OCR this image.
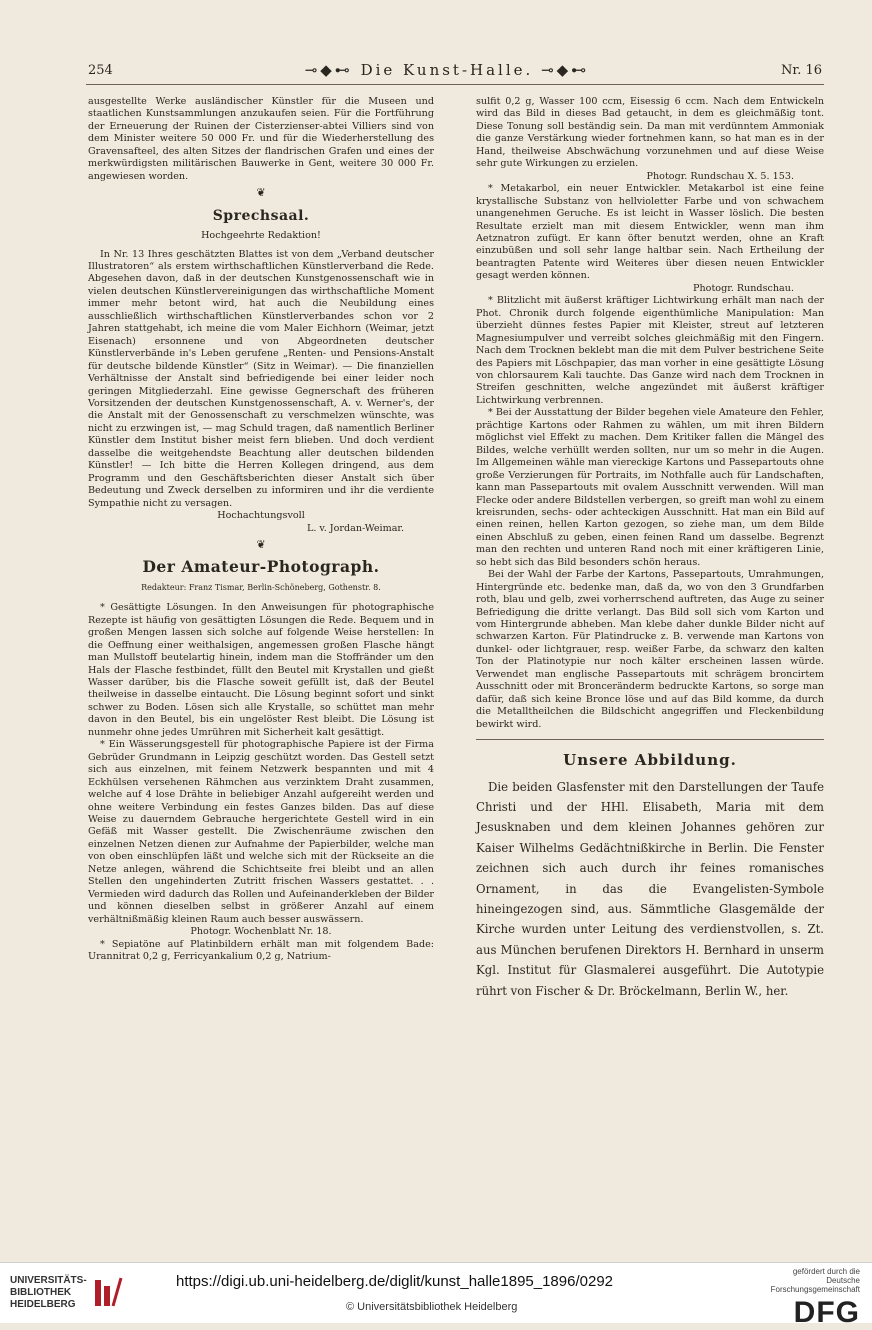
254	⊸◆⊷ Die Kunst-Halle. ⊸◆⊷	Nr. 16

ausgestellte Werke ausländischer Künstler für die Museen und staatlichen Kunstsammlungen anzukaufen seien. Für die Fortführung der Erneuerung der Ruinen der Cisterzienser-abtei Villiers sind von dem Minister weitere 50 000 Fr. und für die Wiederherstellung des Gravensafteel, des alten Sitzes der flandrischen Grafen und eines der merkwürdigsten militärischen Bauwerke in Gent, weitere 30 000 Fr. angewiesen worden.

❦
Sprechsaal.
Hochgeehrte Redaktion!

In Nr. 13 Ihres geschätzten Blattes ist von dem „Verband deutscher Illustratoren“ als erstem wirthschaftlichen Künstlerverband die Rede. Abgesehen davon, daß in der deutschen Kunstgenossenschaft wie in vielen deutschen Künstlervereinigungen das wirthschaftliche Moment immer mehr betont wird, hat auch die Neubildung eines ausschließlich wirthschaftlichen Künstlerverbandes schon vor 2 Jahren stattgehabt, ich meine die vom Maler Eichhorn (Weimar, jetzt Eisenach) ersonnene und von Abgeordneten deutscher Künstlerverbände in's Leben gerufene „Renten- und Pensions-Anstalt für deutsche bildende Künstler“ (Sitz in Weimar). — Die finanziellen Verhältnisse der Anstalt sind befriedigende bei einer leider noch geringen Mitgliederzahl. Eine gewisse Gegnerschaft des früheren Vorsitzenden der deutschen Kunstgenossenschaft, A. v. Werner's, der die Anstalt mit der Genossenschaft zu verschmelzen wünschte, was nicht zu erzwingen ist, — mag Schuld tragen, daß namentlich Berliner Künstler dem Institut bisher meist fern blieben. Und doch verdient dasselbe die weitgehendste Beachtung aller deutschen bildenden Künstler! — Ich bitte die Herren Kollegen dringend, aus dem Programm und den Geschäftsberichten dieser Anstalt sich über Bedeutung und Zweck derselben zu informiren und ihr die verdiente Sympathie nicht zu versagen.

Hochachtungsvoll
L. v. Jordan-Weimar.
❦
Der Amateur-Photograph.
Redakteur: Franz Tismar, Berlin-Schöneberg, Gothenstr. 8.

* Gesättigte Lösungen. In den Anweisungen für photographische Rezepte ist häufig von gesättigten Lösungen die Rede. Bequem und in großen Mengen lassen sich solche auf folgende Weise herstellen: In die Oeffnung einer weithalsigen, angemessen großen Flasche hängt man Mullstoff beutelartig hinein, indem man die Stoffränder um den Hals der Flasche festbindet, füllt den Beutel mit Krystallen und gießt Wasser darüber, bis die Flasche soweit gefüllt ist, daß der Beutel theilweise in dasselbe eintaucht. Die Lösung beginnt sofort und sinkt schwer zu Boden. Lösen sich alle Krystalle, so schüttet man mehr davon in den Beutel, bis ein ungelöster Rest bleibt. Die Lösung ist nunmehr ohne jedes Umrühren mit Sicherheit kalt gesättigt.

* Ein Wässerungsgestell für photographische Papiere ist der Firma Gebrüder Grundmann in Leipzig geschützt worden. Das Gestell setzt sich aus einzelnen, mit feinem Netzwerk bespannten und mit 4 Eckhülsen versehenen Rähmchen aus verzinktem Draht zusammen, welche auf 4 lose Drähte in beliebiger Anzahl aufgereiht werden und ohne weitere Verbindung ein festes Ganzes bilden. Das auf diese Weise zu dauerndem Gebrauche hergerichtete Gestell wird in ein Gefäß mit Wasser gestellt. Die Zwischenräume zwischen den einzelnen Netzen dienen zur Aufnahme der Papierbilder, welche man von oben einschlüpfen läßt und welche sich mit der Rückseite an die Netze anlegen, während die Schichtseite frei bleibt und an allen Stellen den ungehinderten Zutritt frischen Wassers gestattet. . . Vermieden wird dadurch das Rollen und Aufeinanderkleben der Bilder und können dieselben selbst in größerer Anzahl auf einem verhältnißmäßig kleinen Raum auch besser auswässern.

Photogr. Wochenblatt Nr. 18.

* Sepiatöne auf Platinbildern erhält man mit folgendem Bade: Urannitrat 0,2 g, Ferricyankalium 0,2 g, Natrium-

sulfit 0,2 g, Wasser 100 ccm, Eisessig 6 ccm. Nach dem Entwickeln wird das Bild in dieses Bad getaucht, in dem es gleichmäßig tont. Diese Tonung soll beständig sein. Da man mit verdünntem Ammoniak die ganze Verstärkung wieder fortnehmen kann, so hat man es in der Hand, theilweise Abschwächung vorzunehmen und auf diese Weise sehr gute Wirkungen zu erzielen.

Photogr. Rundschau X. 5. 153.

* Metakarbol, ein neuer Entwickler. Metakarbol ist eine feine krystallische Substanz von hellvioletter Farbe und von schwachem unangenehmen Geruche. Es ist leicht in Wasser löslich. Die besten Resultate erzielt man mit diesem Entwickler, wenn man ihm Aetznatron zufügt. Er kann öfter benutzt werden, ohne an Kraft einzubüßen und soll sehr lange haltbar sein. Nach Ertheilung der beantragten Patente wird Weiteres über diesen neuen Entwickler gesagt werden können.

Photogr. Rundschau.

* Blitzlicht mit äußerst kräftiger Lichtwirkung erhält man nach der Phot. Chronik durch folgende eigenthümliche Manipulation: Man überzieht dünnes festes Papier mit Kleister, streut auf letzteren Magnesiumpulver und verreibt solches gleichmäßig mit den Fingern. Nach dem Trocknen beklebt man die mit dem Pulver bestrichene Seite des Papiers mit Löschpapier, das man vorher in eine gesättigte Lösung von chlorsaurem Kali tauchte. Das Ganze wird nach dem Trocknen in Streifen geschnitten, welche angezündet mit äußerst kräftiger Lichtwirkung verbrennen.

* Bei der Ausstattung der Bilder begehen viele Amateure den Fehler, prächtige Kartons oder Rahmen zu wählen, um mit ihren Bildern möglichst viel Effekt zu machen. Dem Kritiker fallen die Mängel des Bildes, welche verhüllt werden sollten, nur um so mehr in die Augen. Im Allgemeinen wähle man viereckige Kartons und Passepartouts ohne große Verzierungen für Portraits, im Nothfalle auch für Landschaften, kann man Passepartouts mit ovalem Ausschnitt verwenden. Will man Flecke oder andere Bildstellen verbergen, so greift man wohl zu einem kreisrunden, sechs- oder achteckigen Ausschnitt. Hat man ein Bild auf einen reinen, hellen Karton gezogen, so ziehe man, um dem Bilde einen Abschluß zu geben, einen feinen Rand um dasselbe. Begrenzt man den rechten und unteren Rand noch mit einer kräftigeren Linie, so hebt sich das Bild besonders schön heraus.

Bei der Wahl der Farbe der Kartons, Passepartouts, Umrahmungen, Hintergründe etc. bedenke man, daß da, wo von den 3 Grundfarben roth, blau und gelb, zwei vorherrschend auftreten, das Auge zu seiner Befriedigung die dritte verlangt. Das Bild soll sich vom Karton und vom Hintergrunde abheben. Man klebe daher dunkle Bilder nicht auf schwarzen Karton. Für Platindrucke z. B. verwende man Kartons von dunkel- oder lichtgrauer, resp. weißer Farbe, da schwarz den kalten Ton der Platinotypie nur noch kälter erscheinen lassen würde. Verwendet man englische Passepartouts mit schrägem broncirtem Ausschnitt oder mit Bronceränderm bedruckte Kartons, so sorge man dafür, daß sich keine Bronce löse und auf das Bild komme, da durch die Metalltheilchen die Bildschicht angegriffen und Fleckenbildung bewirkt wird.

Unsere Abbildung.

Die beiden Glasfenster mit den Darstellungen der Taufe Christi und der HHl. Elisabeth, Maria mit dem Jesusknaben und dem kleinen Johannes gehören zur Kaiser Wilhelms Gedächtnißkirche in Berlin. Die Fenster zeichnen sich auch durch ihr feines romanisches Ornament, in das die Evangelisten-Symbole hineingezogen sind, aus. Sämmtliche Glasgemälde der Kirche wurden unter Leitung des verdienstvollen, s. Zt. aus München berufenen Direktors H. Bernhard in unserm Kgl. Institut für Glasmalerei ausgeführt. Die Autotypie rührt von Fischer & Dr. Bröckelmann, Berlin W., her.

UNIVERSITÄTS-
BIBLIOTHEK
HEIDELBERG
https://digi.ub.uni-heidelberg.de/diglit/kunst_halle1895_1896/0292
© Universitätsbibliothek Heidelberg
gefördert durch die
Deutsche
Forschungsgemeinschaft
DFG
